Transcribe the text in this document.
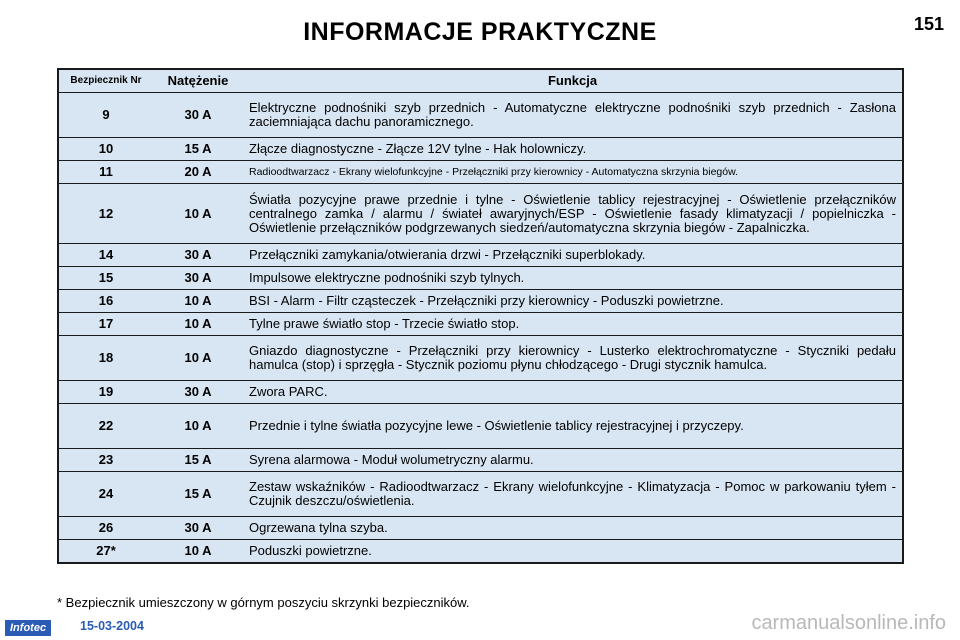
INFORMACJE PRAKTYCZNE	151
Bezpiecznik Nr	Natężenie	Funkcja
9	30 A	Elektryczne podnośniki szyb przednich - Automatyczne elektryczne podnośniki szyb przednich - Zasłona zaciemniająca dachu panoramicznego.
10	15 A	Złącze diagnostyczne - Złącze 12V tylne - Hak holowniczy.
11	20 A	Radioodtwarzacz - Ekrany wielofunkcyjne - Przełączniki przy kierownicy - Automatyczna skrzynia biegów.
12	10 A	Światła pozycyjne prawe przednie i tylne - Oświetlenie tablicy rejestracyjnej - Oświetlenie przełączników centralnego zamka / alarmu / świateł awaryjnych/ESP - Oświetlenie fasady klimatyzacji / popielniczka - Oświetlenie przełączników podgrzewanych siedzeń/automatyczna skrzynia biegów - Zapalniczka.
14	30 A	Przełączniki zamykania/otwierania drzwi - Przełączniki superblokady.
15	30 A	Impulsowe elektryczne podnośniki szyb tylnych.
16	10 A	BSI - Alarm - Filtr cząsteczek - Przełączniki przy kierownicy - Poduszki powietrzne.
17	10 A	Tylne prawe światło stop - Trzecie światło stop.
18	10 A	Gniazdo diagnostyczne - Przełączniki przy kierownicy - Lusterko elektrochromatyczne - Styczniki pedału hamulca (stop) i sprzęgła - Stycznik poziomu płynu chłodzącego - Drugi stycznik hamulca.
19	30 A	Zwora PARC.
22	10 A	Przednie i tylne światła pozycyjne lewe - Oświetlenie tablicy rejestracyjnej i przyczepy.
23	15 A	Syrena alarmowa - Moduł wolumetryczny alarmu.
24	15 A	Zestaw wskaźników - Radioodtwarzacz - Ekrany wielofunkcyjne - Klimatyzacja - Pomoc w parkowaniu tyłem - Czujnik deszczu/oświetlenia.
26	30 A	Ogrzewana tylna szyba.
27*	10 A	Poduszki powietrzne.
* Bezpiecznik umieszczony w górnym poszyciu skrzynki bezpieczników.
Infotec	15-03-2004	carmanualsonline.info
